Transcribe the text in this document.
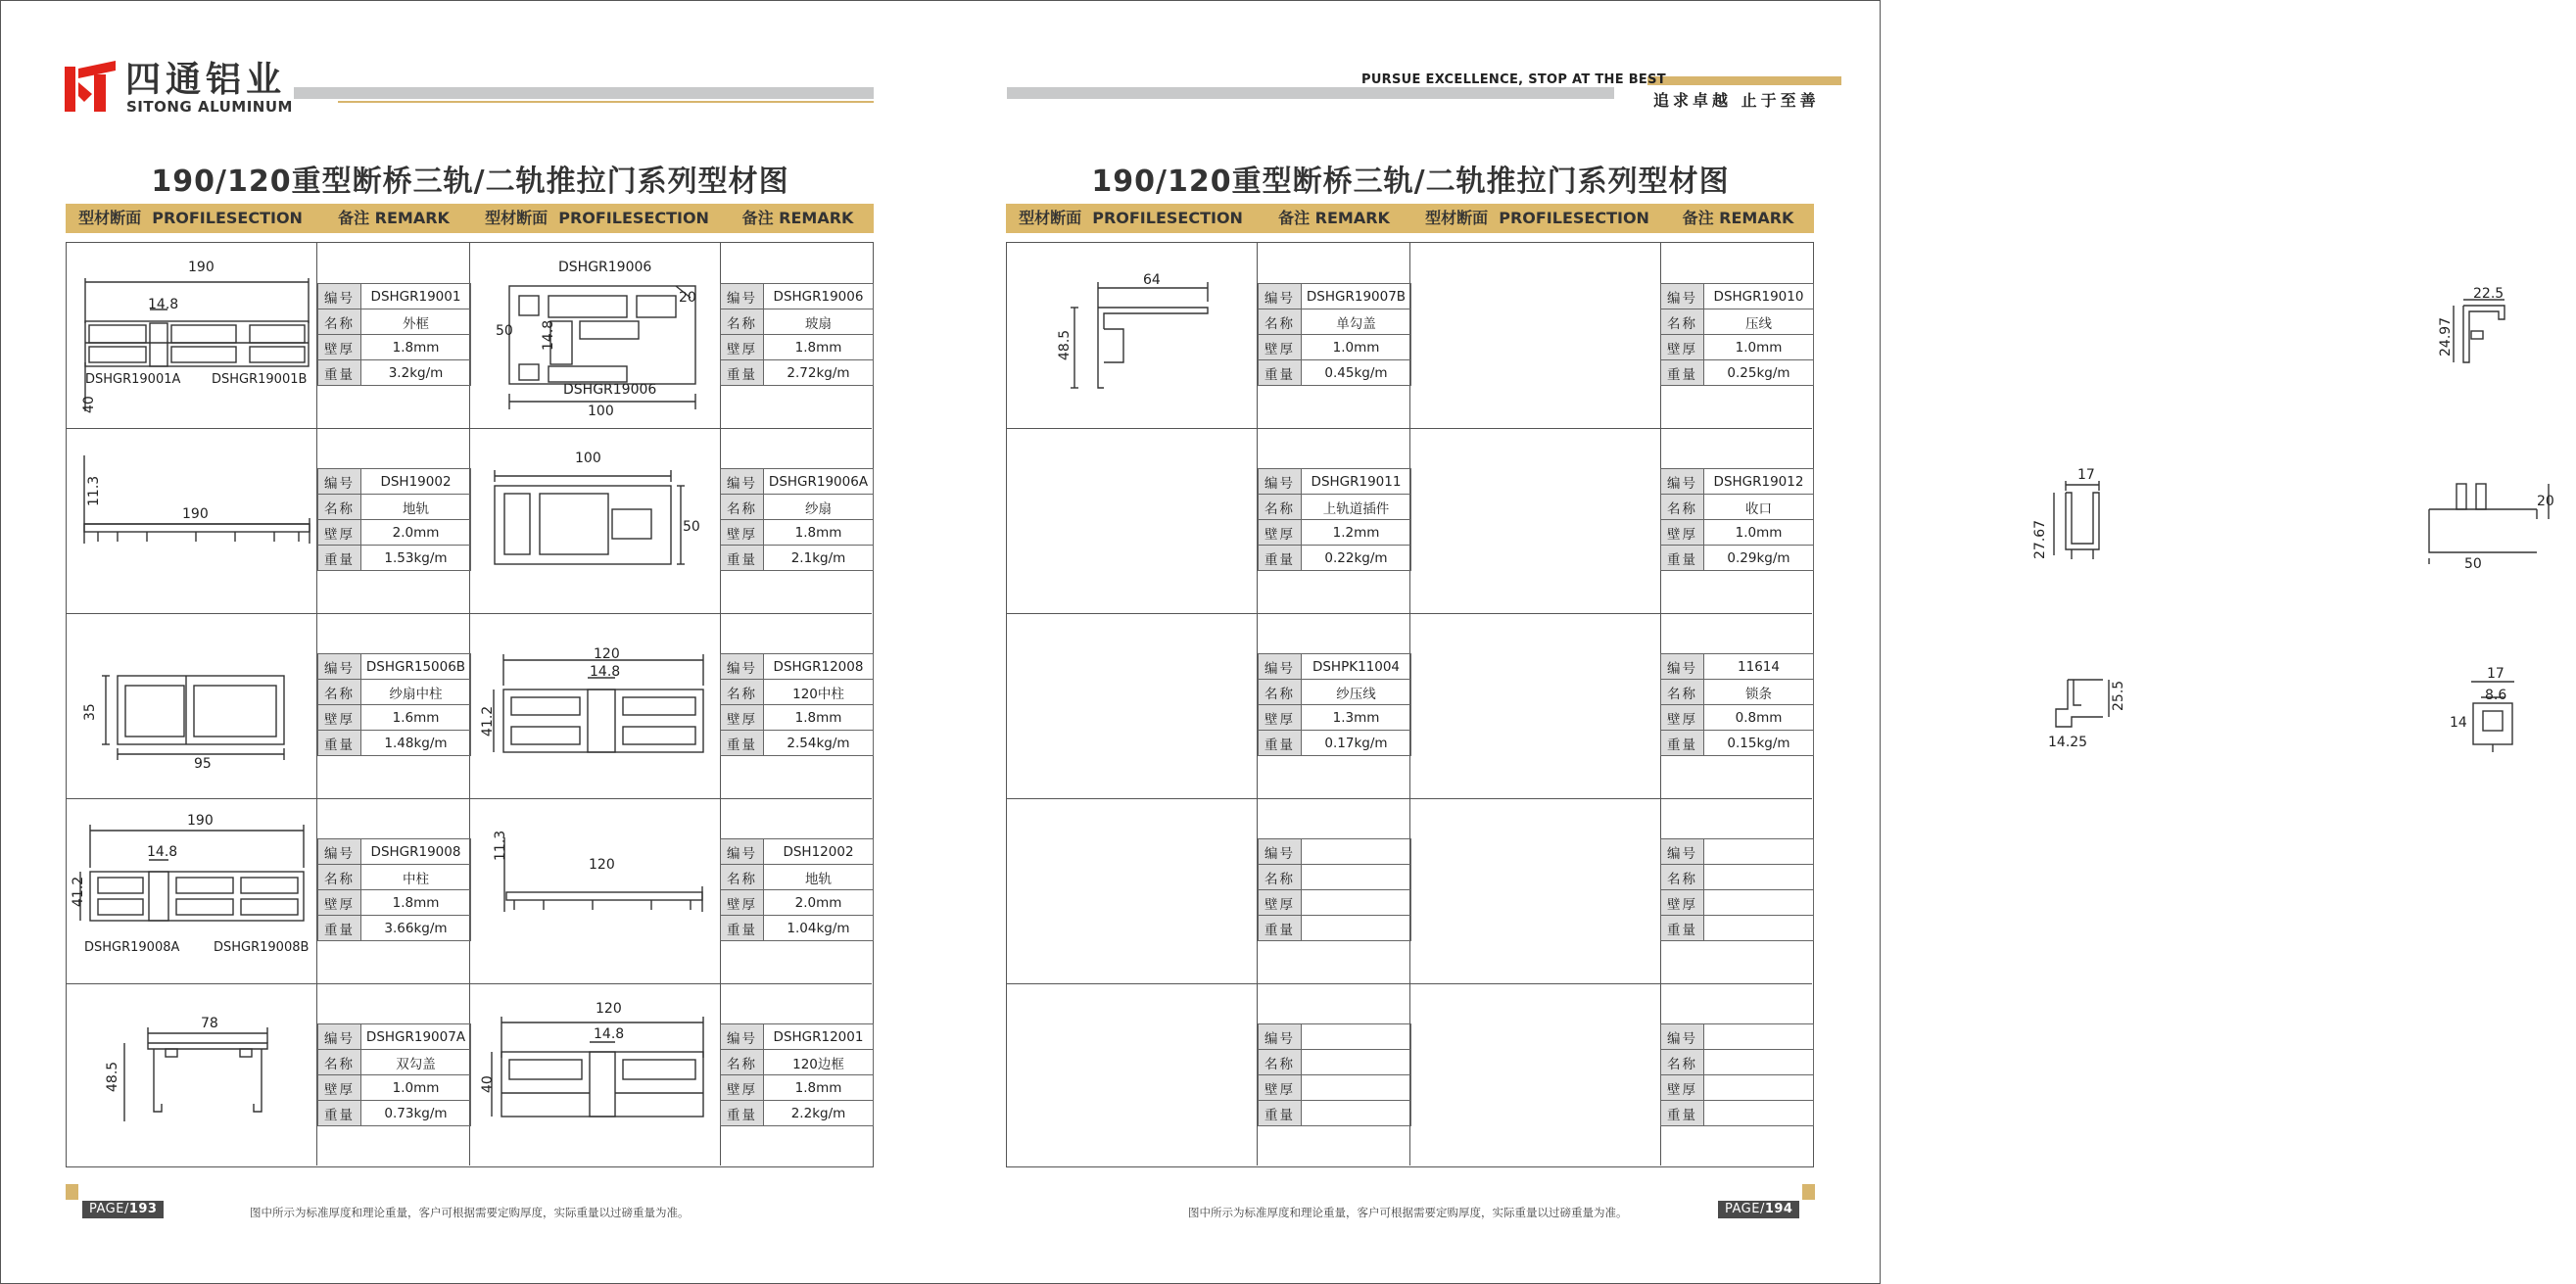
四通铝业
SITONG ALUMINUM
190/120重型断桥三轨/二轨推拉门系列型材图
型材断面 PROFILESECTION	备注 REMARK	型材断面 PROFILESECTION	备注 REMARK
190
14.8
DSHGR19001A DSHGR19001B
40
DSHGR19006
20
50 14.8
DSHGR19006
100
11.3
190
100
50
35
95
120
14.8
41.2
190
14.8
41.2
DSHGR19008A	DSHGR19008B
11.3
120
78
48.5
120
14.8
40
编号	DSHGR19001
名称	外框
壁厚	1.8mm
重量	3.2kg/m
编号	DSHGR19006
名称	玻扇
壁厚	1.8mm
重量	2.72kg/m
编号	DSH19002
名称	地轨
壁厚	2.0mm
重量	1.53kg/m
编号	DSHGR19006A
名称	纱扇
壁厚	1.8mm
重量	2.1kg/m
编号	DSHGR15006B
名称	纱扇中柱
壁厚	1.6mm
重量	1.48kg/m
编号	DSHGR12008
名称	120中柱
壁厚	1.8mm
重量	2.54kg/m
编号	DSHGR19008
名称	中柱
壁厚	1.8mm
重量	3.66kg/m
编号	DSH12002
名称	地轨
壁厚	2.0mm
重量	1.04kg/m
编号	DSHGR19007A
名称	双勾盖
壁厚	1.0mm
重量	0.73kg/m
编号	DSHGR12001
名称	120边框
壁厚	1.8mm
重量	2.2kg/m
PAGE/193	图中所示为标准厚度和理论重量，客户可根据需要定购厚度，实际重量以过磅重量为准。
PURSUE EXCELLENCE, STOP AT THE BEST
追求卓越 止于至善
190/120重型断桥三轨/二轨推拉门系列型材图
型材断面 PROFILESECTION	备注 REMARK	型材断面 PROFILESECTION	备注 REMARK
64
48.5
22.5
24.97
17
27.67
20
50
25.5
14.25
17
8.6
14
编号	DSHGR19007B
名称	单勾盖
壁厚	1.0mm
重量	0.45kg/m
编号	DSHGR19010
名称	压线
壁厚	1.0mm
重量	0.25kg/m
编号	DSHGR19011
名称	上轨道插件
壁厚	1.2mm
重量	0.22kg/m
编号	DSHGR19012
名称	收口
壁厚	1.0mm
重量	0.29kg/m
编号	DSHPK11004
名称	纱压线
壁厚	1.3mm
重量	0.17kg/m
编号	11614
名称	锁条
壁厚	0.8mm
重量	0.15kg/m
编号	
名称	
壁厚	
重量	
编号	
名称	
壁厚	
重量	
编号	
名称	
壁厚	
重量	
编号	
名称	
壁厚	
重量	
图中所示为标准厚度和理论重量，客户可根据需要定购厚度，实际重量以过磅重量为准。	PAGE/194
